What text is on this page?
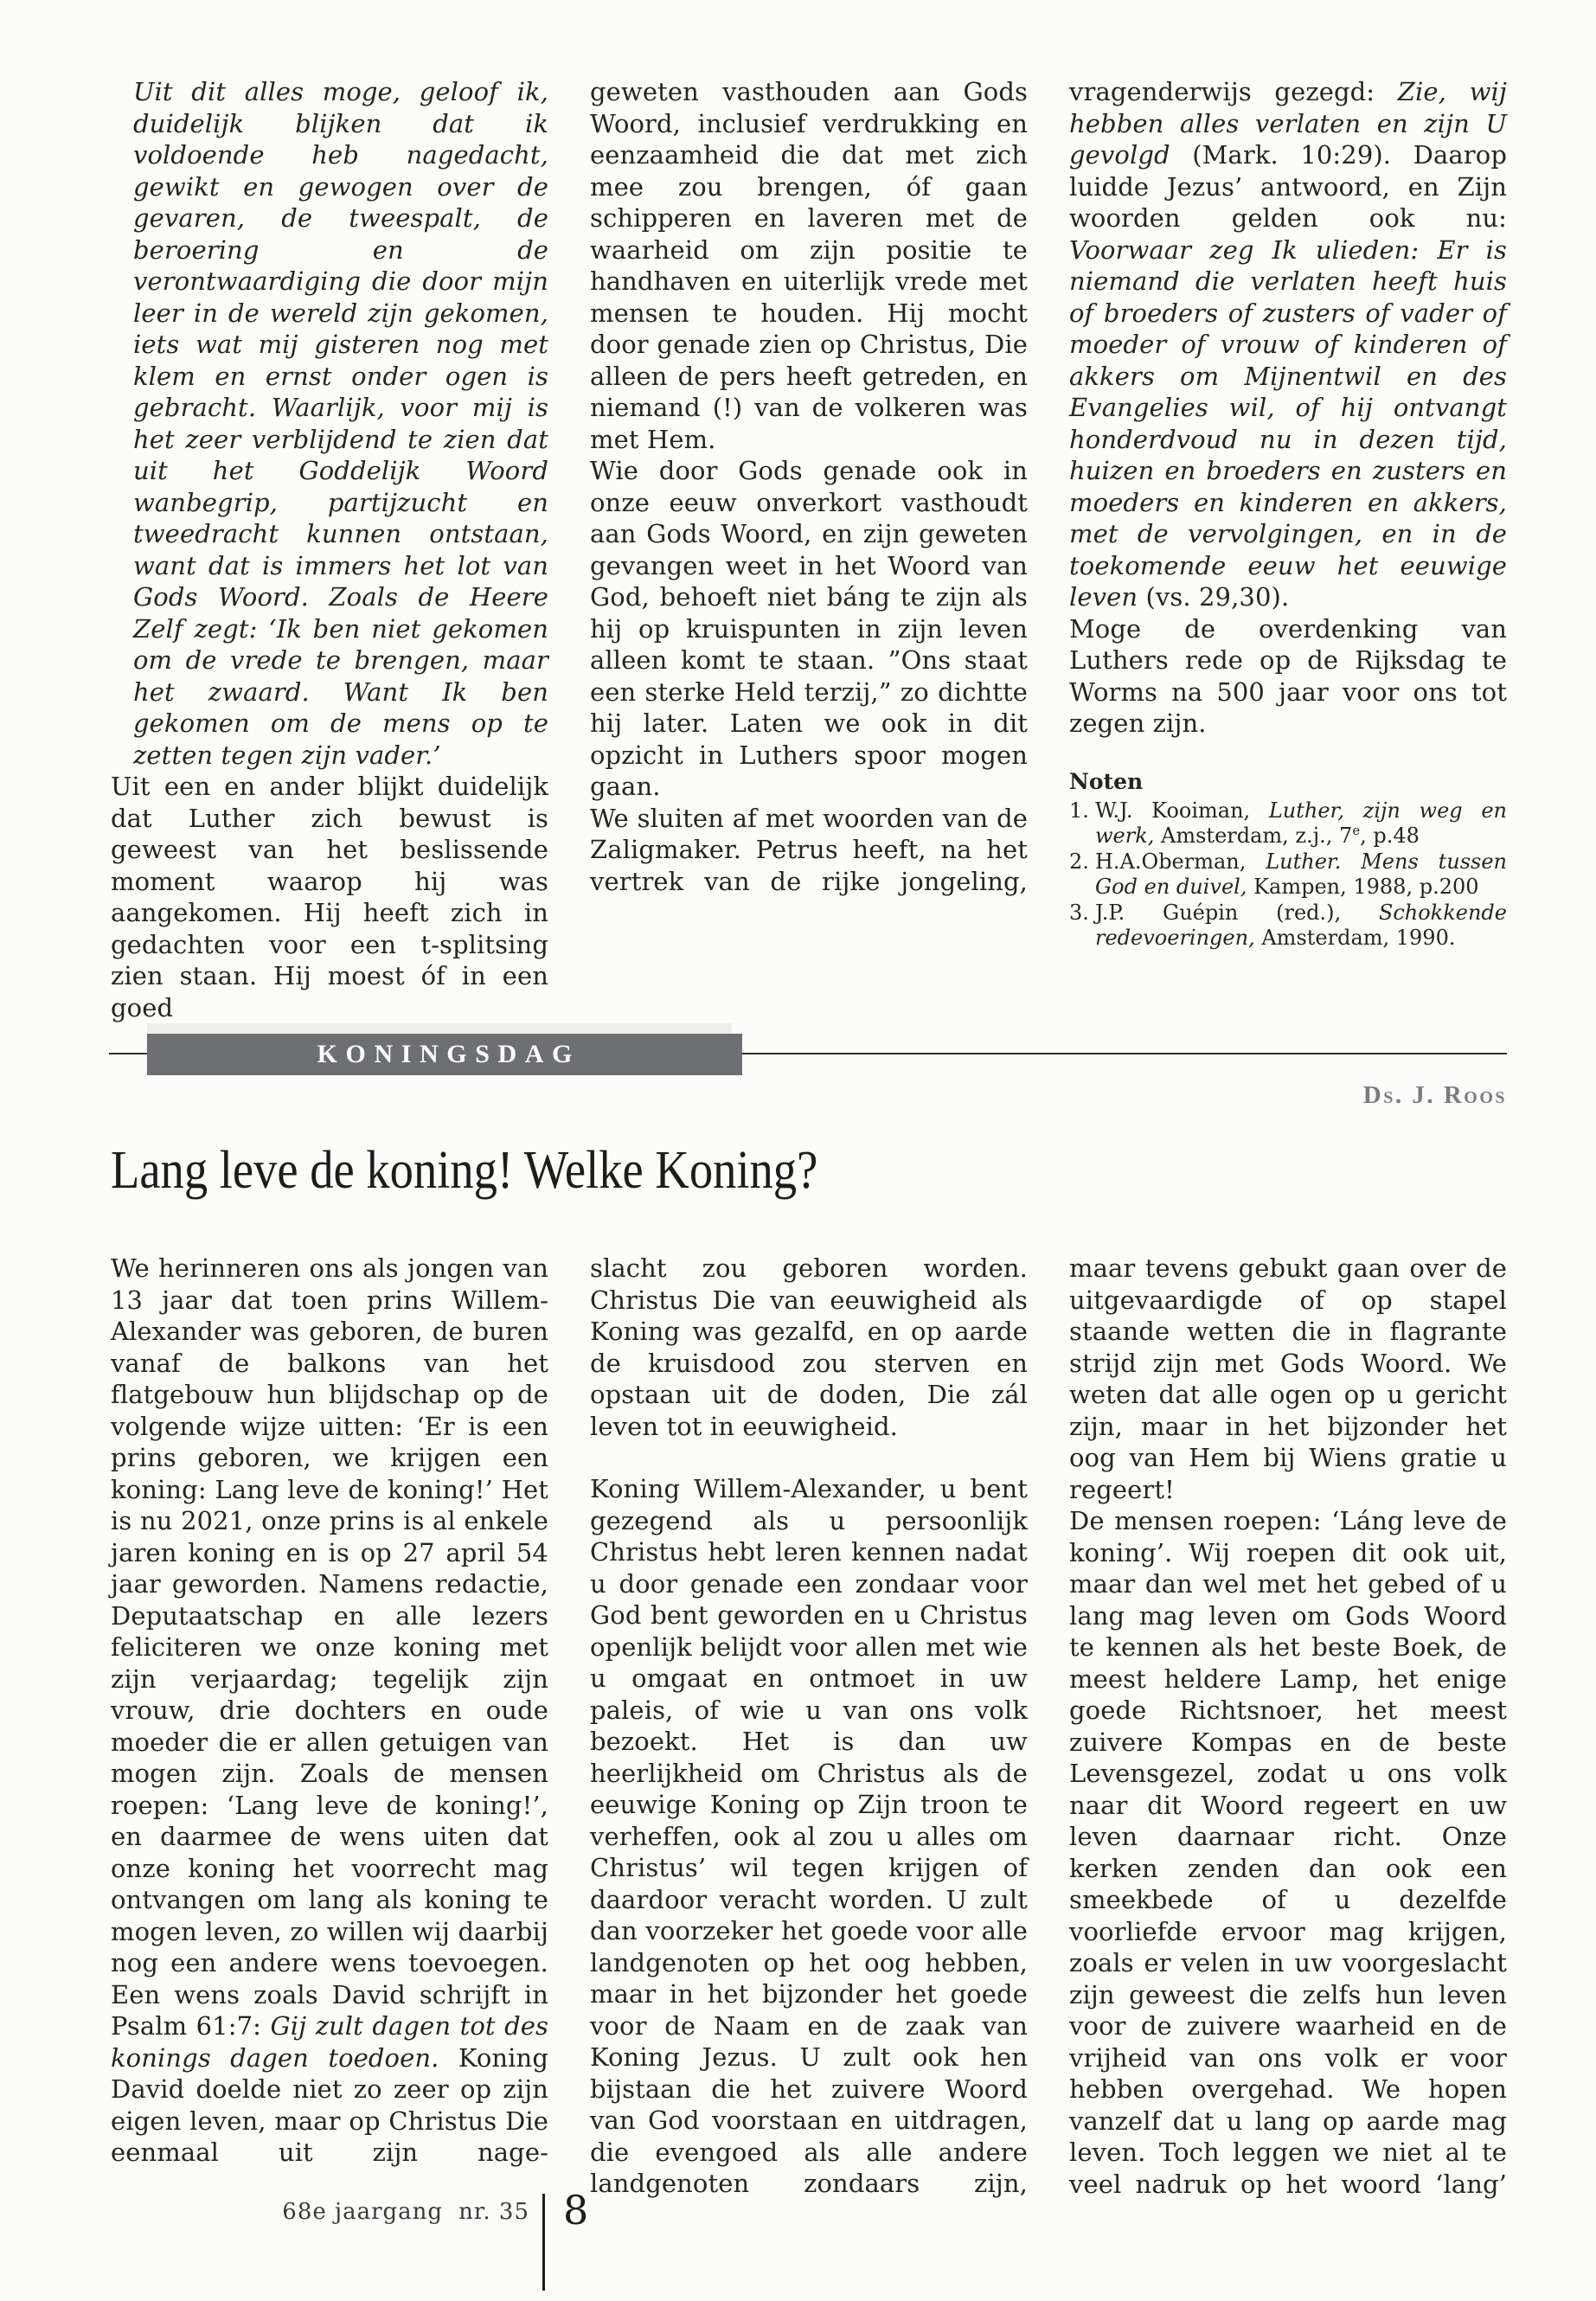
Uit dit alles moge, geloof ik, duidelijk blijken dat ik voldoende heb nagedacht, gewikt en gewogen over de gevaren, de tweespalt, de beroering en de verontwaardiging die door mijn leer in de wereld zijn gekomen, iets wat mij gisteren nog met klem en ernst onder ogen is gebracht. Waarlijk, voor mij is het zeer verblijdend te zien dat uit het Goddelijk Woord wanbegrip, partijzucht en tweedracht kunnen ontstaan, want dat is immers het lot van Gods Woord. Zoals de Heere Zelf zegt: ‘Ik ben niet gekomen om de vrede te brengen, maar het zwaard. Want Ik ben gekomen om de mens op te zetten tegen zijn vader.’

Uit een en ander blijkt duidelijk dat Luther zich bewust is geweest van het beslissende moment waarop hij was aangekomen. Hij heeft zich in gedachten voor een t-splitsing zien staan. Hij moest óf in een goed

geweten vasthouden aan Gods Woord, inclusief verdrukking en eenzaamheid die dat met zich mee zou brengen, óf gaan schipperen en laveren met de waarheid om zijn positie te handhaven en uiterlijk vrede met mensen te houden. Hij mocht door genade zien op Christus, Die alleen de pers heeft getreden, en niemand (!) van de volkeren was met Hem.

Wie door Gods genade ook in onze eeuw onverkort vasthoudt aan Gods Woord, en zijn geweten gevangen weet in het Woord van God, behoeft niet báng te zijn als hij op kruispunten in zijn leven alleen komt te staan. ”Ons staat een sterke Held terzij,” zo dichtte hij later. Laten we ook in dit opzicht in Luthers spoor mogen gaan.

We sluiten af met woorden van de Zaligmaker. Petrus heeft, na het vertrek van de rijke jongeling,

vragenderwijs gezegd: Zie, wij hebben alles verlaten en zijn U gevolgd (Mark. 10:29). Daarop luidde Jezus’ antwoord, en Zijn woorden gelden ook nu: Voorwaar zeg Ik ulieden: Er is niemand die verlaten heeft huis of broeders of zusters of vader of moeder of vrouw of kinderen of akkers om Mijnentwil en des Evangelies wil, of hij ontvangt honderdvoud nu in dezen tijd, huizen en broeders en zusters en moeders en kinderen en akkers, met de vervolgingen, en in de toekomende eeuw het eeuwige leven (vs. 29,30).

Moge de overdenking van Luthers rede op de Rijksdag te Worms na 500 jaar voor ons tot zegen zijn.

Noten

1. W.J. Kooiman, Luther, zijn weg en werk, Amsterdam, z.j., 7e, p.48
2. H.A.Oberman, Luther. Mens tussen God en duivel, Kampen, 1988, p.200
3. J.P. Guépin (red.), Schokkende redevoeringen, Amsterdam, 1990.
KONINGSDAG
Ds. J. Roos
Lang leve de koning! Welke Koning?

We herinneren ons als jongen van 13 jaar dat toen prins Willem-Alexander was geboren, de buren vanaf de balkons van het flatgebouw hun blijdschap op de volgende wijze uitten: ‘Er is een prins geboren, we krijgen een koning: Lang leve de koning!’ Het is nu 2021, onze prins is al enkele jaren koning en is op 27 april 54 jaar geworden. Namens redactie, Deputaatschap en alle lezers feliciteren we onze koning met zijn verjaardag; tegelijk zijn vrouw, drie dochters en oude moeder die er allen getuigen van mogen zijn. Zoals de mensen roepen: ‘Lang leve de koning!’, en daarmee de wens uiten dat onze koning het voorrecht mag ontvangen om lang als koning te mogen leven, zo willen wij daarbij nog een andere wens toevoegen. Een wens zoals David schrijft in Psalm 61:7: Gij zult dagen tot des konings dagen toedoen. Koning David doelde niet zo zeer op zijn eigen leven, maar op Christus Die eenmaal uit zijn nage-

slacht zou geboren worden. Christus Die van eeuwigheid als Koning was gezalfd, en op aarde de kruisdood zou sterven en opstaan uit de doden, Die zál leven tot in eeuwigheid.

Koning Willem-Alexander, u bent gezegend als u persoonlijk Christus hebt leren kennen nadat u door genade een zondaar voor God bent geworden en u Christus openlijk belijdt voor allen met wie u omgaat en ontmoet in uw paleis, of wie u van ons volk bezoekt. Het is dan uw heerlijkheid om Christus als de eeuwige Koning op Zijn troon te verheffen, ook al zou u alles om Christus’ wil tegen krijgen of daardoor veracht worden. U zult dan voorzeker het goede voor alle landgenoten op het oog hebben, maar in het bijzonder het goede voor de Naam en de zaak van Koning Jezus. U zult ook hen bijstaan die het zuivere Woord van God voorstaan en uitdragen, die evengoed als alle andere landgenoten zondaars zijn,

maar tevens gebukt gaan over de uitgevaardigde of op stapel staande wetten die in flagrante strijd zijn met Gods Woord. We weten dat alle ogen op u gericht zijn, maar in het bijzonder het oog van Hem bij Wiens gratie u regeert!

De mensen roepen: ‘Láng leve de koning’. Wij roepen dit ook uit, maar dan wel met het gebed of u lang mag leven om Gods Woord te kennen als het beste Boek, de meest heldere Lamp, het enige goede Richtsnoer, het meest zuivere Kompas en de beste Levensgezel, zodat u ons volk naar dit Woord regeert en uw leven daarnaar richt. Onze kerken zenden dan ook een smeekbede of u dezelfde voorliefde ervoor mag krijgen, zoals er velen in uw voorgeslacht zijn geweest die zelfs hun leven voor de zuivere waarheid en de vrijheid van ons volk er voor hebben overgehad. We hopen vanzelf dat u lang op aarde mag leven. Toch leggen we niet al te veel nadruk op het woord ‘lang’

68e jaargang nr. 35 8
